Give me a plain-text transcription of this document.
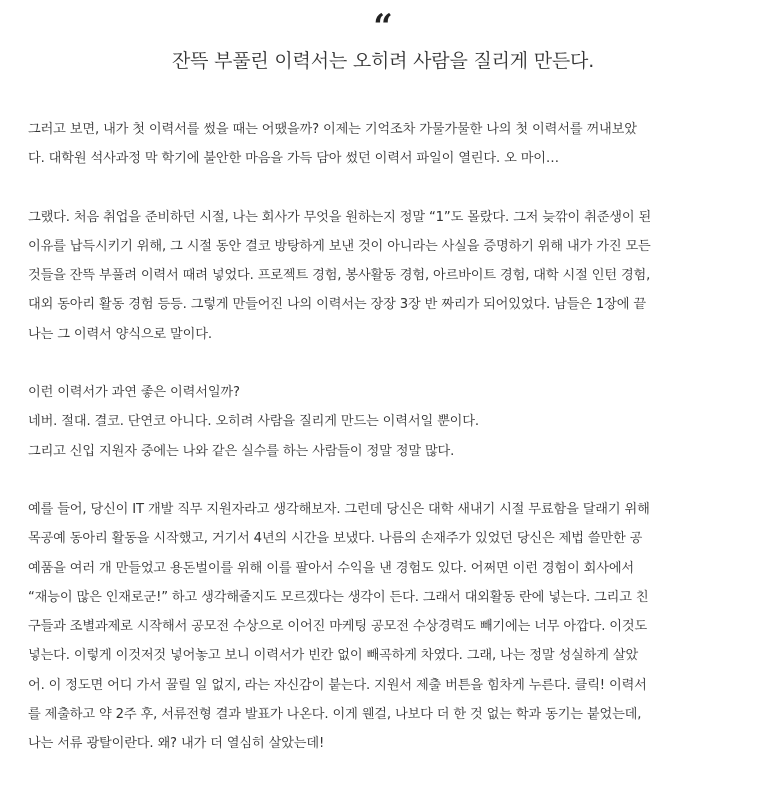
“
잔뜩 부풀린 이력서는 오히려 사람을 질리게 만든다.

그러고 보면, 내가 첫 이력서를 썼을 때는 어땠을까? 이제는 기억조차 가물가물한 나의 첫 이력서를 꺼내보았
다. 대학원 석사과정 막 학기에 불안한 마음을 가득 담아 썼던 이력서 파일이 열린다. 오 마이…

그랬다. 처음 취업을 준비하던 시절, 나는 회사가 무엇을 원하는지 정말 “1”도 몰랐다. 그저 늦깎이 취준생이 된
이유를 납득시키기 위해, 그 시절 동안 결코 방탕하게 보낸 것이 아니라는 사실을 증명하기 위해 내가 가진 모든
것들을 잔뜩 부풀려 이력서 때려 넣었다. 프로젝트 경험, 봉사활동 경험, 아르바이트 경험, 대학 시절 인턴 경험,
대외 동아리 활동 경험 등등. 그렇게 만들어진 나의 이력서는 장장 3장 반 짜리가 되어있었다. 남들은 1장에 끝
나는 그 이력서 양식으로 말이다.

이런 이력서가 과연 좋은 이력서일까?
네버. 절대. 결코. 단연코 아니다. 오히려 사람을 질리게 만드는 이력서일 뿐이다.
그리고 신입 지원자 중에는 나와 같은 실수를 하는 사람들이 정말 정말 많다.

예를 들어, 당신이 IT 개발 직무 지원자라고 생각해보자. 그런데 당신은 대학 새내기 시절 무료함을 달래기 위해
목공예 동아리 활동을 시작했고, 거기서 4년의 시간을 보냈다. 나름의 손재주가 있었던 당신은 제법 쓸만한 공
예품을 여러 개 만들었고 용돈벌이를 위해 이를 팔아서 수익을 낸 경험도 있다. 어쩌면 이런 경험이 회사에서
“재능이 많은 인재로군!” 하고 생각해줄지도 모르겠다는 생각이 든다. 그래서 대외활동 란에 넣는다. 그리고 친
구들과 조별과제로 시작해서 공모전 수상으로 이어진 마케팅 공모전 수상경력도 빼기에는 너무 아깝다. 이것도
넣는다. 이렇게 이것저것 넣어놓고 보니 이력서가 빈칸 없이 빼곡하게 차였다. 그래, 나는 정말 성실하게 살았
어. 이 정도면 어디 가서 꿀릴 일 없지, 라는 자신감이 붙는다. 지원서 제출 버튼을 힘차게 누른다. 클릭! 이력서
를 제출하고 약 2주 후, 서류전형 결과 발표가 나온다. 이게 웬걸, 나보다 더 한 것 없는 학과 동기는 붙었는데,
나는 서류 광탈이란다. 왜? 내가 더 열심히 살았는데!
